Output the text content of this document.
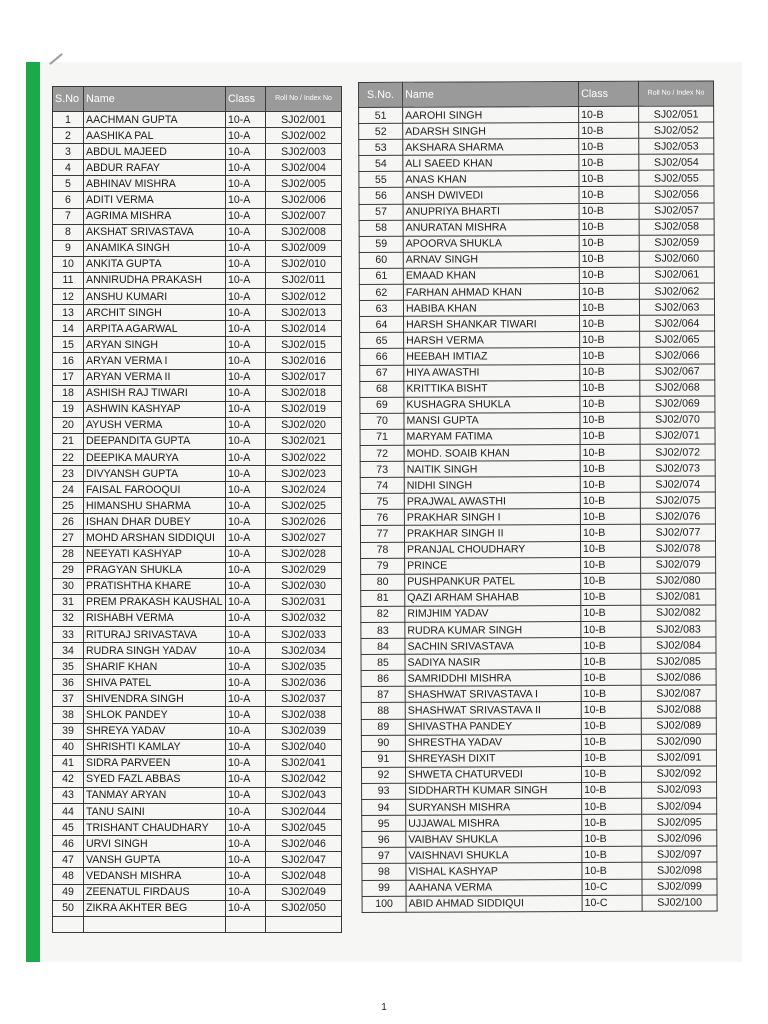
S.No	Name	Class	Roll No / Index No
1	AACHMAN GUPTA	10-A	SJ02/001
2	AASHIKA PAL	10-A	SJ02/002
3	ABDUL MAJEED	10-A	SJ02/003
4	ABDUR RAFAY	10-A	SJ02/004
5	ABHINAV MISHRA	10-A	SJ02/005
6	ADITI VERMA	10-A	SJ02/006
7	AGRIMA MISHRA	10-A	SJ02/007
8	AKSHAT SRIVASTAVA	10-A	SJ02/008
9	ANAMIKA SINGH	10-A	SJ02/009
10	ANKITA GUPTA	10-A	SJ02/010
11	ANNIRUDHA PRAKASH	10-A	SJ02/011
12	ANSHU KUMARI	10-A	SJ02/012
13	ARCHIT SINGH	10-A	SJ02/013
14	ARPITA AGARWAL	10-A	SJ02/014
15	ARYAN SINGH	10-A	SJ02/015
16	ARYAN VERMA I	10-A	SJ02/016
17	ARYAN VERMA II	10-A	SJ02/017
18	ASHISH RAJ TIWARI	10-A	SJ02/018
19	ASHWIN KASHYAP	10-A	SJ02/019
20	AYUSH VERMA	10-A	SJ02/020
21	DEEPANDITA GUPTA	10-A	SJ02/021
22	DEEPIKA MAURYA	10-A	SJ02/022
23	DIVYANSH GUPTA	10-A	SJ02/023
24	FAISAL FAROOQUI	10-A	SJ02/024
25	HIMANSHU SHARMA	10-A	SJ02/025
26	ISHAN DHAR DUBEY	10-A	SJ02/026
27	MOHD ARSHAN SIDDIQUI	10-A	SJ02/027
28	NEEYATI KASHYAP	10-A	SJ02/028
29	PRAGYAN SHUKLA	10-A	SJ02/029
30	PRATISHTHA KHARE	10-A	SJ02/030
31	PREM PRAKASH KAUSHAL	10-A	SJ02/031
32	RISHABH VERMA	10-A	SJ02/032
33	RITURAJ SRIVASTAVA	10-A	SJ02/033
34	RUDRA SINGH YADAV	10-A	SJ02/034
35	SHARIF KHAN	10-A	SJ02/035
36	SHIVA PATEL	10-A	SJ02/036
37	SHIVENDRA SINGH	10-A	SJ02/037
38	SHLOK PANDEY	10-A	SJ02/038
39	SHREYA YADAV	10-A	SJ02/039
40	SHRISHTI KAMLAY	10-A	SJ02/040
41	SIDRA PARVEEN	10-A	SJ02/041
42	SYED FAZL ABBAS	10-A	SJ02/042
43	TANMAY ARYAN	10-A	SJ02/043
44	TANU SAINI	10-A	SJ02/044
45	TRISHANT CHAUDHARY	10-A	SJ02/045
46	URVI SINGH	10-A	SJ02/046
47	VANSH GUPTA	10-A	SJ02/047
48	VEDANSH MISHRA	10-A	SJ02/048
49	ZEENATUL FIRDAUS	10-A	SJ02/049
50	ZIKRA AKHTER BEG	10-A	SJ02/050

S.No.	Name	Class	Roll No / Index No
51	AAROHI SINGH	10-B	SJ02/051
52	ADARSH SINGH	10-B	SJ02/052
53	AKSHARA SHARMA	10-B	SJ02/053
54	ALI SAEED KHAN	10-B	SJ02/054
55	ANAS KHAN	10-B	SJ02/055
56	ANSH DWIVEDI	10-B	SJ02/056
57	ANUPRIYA BHARTI	10-B	SJ02/057
58	ANURATAN MISHRA	10-B	SJ02/058
59	APOORVA SHUKLA	10-B	SJ02/059
60	ARNAV SINGH	10-B	SJ02/060
61	EMAAD KHAN	10-B	SJ02/061
62	FARHAN AHMAD KHAN	10-B	SJ02/062
63	HABIBA KHAN	10-B	SJ02/063
64	HARSH SHANKAR TIWARI	10-B	SJ02/064
65	HARSH VERMA	10-B	SJ02/065
66	HEEBAH IMTIAZ	10-B	SJ02/066
67	HIYA AWASTHI	10-B	SJ02/067
68	KRITTIKA BISHT	10-B	SJ02/068
69	KUSHAGRA SHUKLA	10-B	SJ02/069
70	MANSI GUPTA	10-B	SJ02/070
71	MARYAM FATIMA	10-B	SJ02/071
72	MOHD. SOAIB KHAN	10-B	SJ02/072
73	NAITIK SINGH	10-B	SJ02/073
74	NIDHI SINGH	10-B	SJ02/074
75	PRAJWAL AWASTHI	10-B	SJ02/075
76	PRAKHAR SINGH I	10-B	SJ02/076
77	PRAKHAR SINGH II	10-B	SJ02/077
78	PRANJAL CHOUDHARY	10-B	SJ02/078
79	PRINCE	10-B	SJ02/079
80	PUSHPANKUR PATEL	10-B	SJ02/080
81	QAZI ARHAM SHAHAB	10-B	SJ02/081
82	RIMJHIM YADAV	10-B	SJ02/082
83	RUDRA KUMAR SINGH	10-B	SJ02/083
84	SACHIN SRIVASTAVA	10-B	SJ02/084
85	SADIYA NASIR	10-B	SJ02/085
86	SAMRIDDHI MISHRA	10-B	SJ02/086
87	SHASHWAT SRIVASTAVA I	10-B	SJ02/087
88	SHASHWAT SRIVASTAVA II	10-B	SJ02/088
89	SHIVASTHA PANDEY	10-B	SJ02/089
90	SHRESTHA YADAV	10-B	SJ02/090
91	SHREYASH DIXIT	10-B	SJ02/091
92	SHWETA CHATURVEDI	10-B	SJ02/092
93	SIDDHARTH KUMAR SINGH	10-B	SJ02/093
94	SURYANSH MISHRA	10-B	SJ02/094
95	UJJAWAL MISHRA	10-B	SJ02/095
96	VAIBHAV SHUKLA	10-B	SJ02/096
97	VAISHNAVI SHUKLA	10-B	SJ02/097
98	VISHAL KASHYAP	10-B	SJ02/098
99	AAHANA VERMA	10-C	SJ02/099
100	ABID AHMAD SIDDIQUI	10-C	SJ02/100
1
